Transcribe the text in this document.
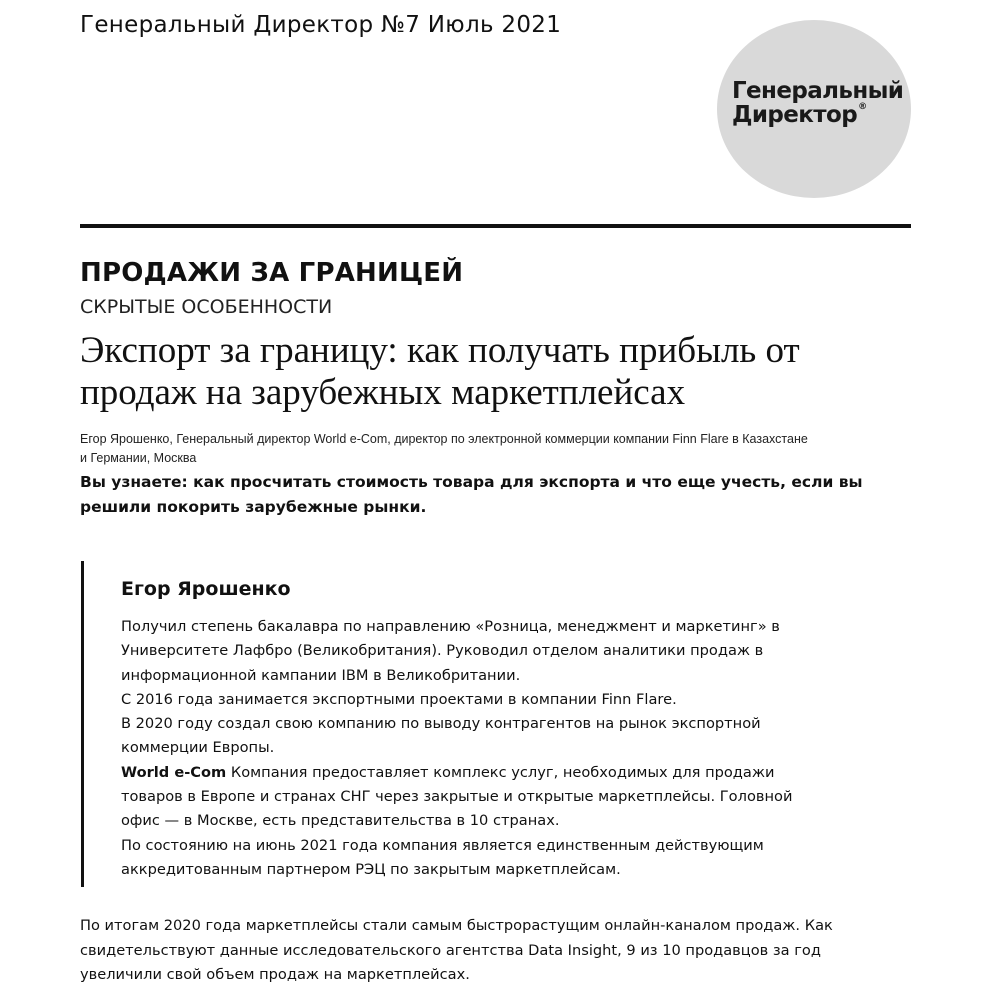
Генеральный Директор №7 Июль 2021
Генеральный
Директор®
ПРОДАЖИ ЗА ГРАНИЦЕЙ
СКРЫТЫЕ ОСОБЕННОСТИ
Экспорт за границу: как получать прибыль от
продаж на зарубежных маркетплейсах
Егор Ярошенко, Генеральный директор World e-Com, директор по электронной коммерции компании Finn Flare в Казахстане
и Германии, Москва
Вы узнаете: как просчитать стоимость товара для экспорта и что еще учесть, если вы
решили покорить зарубежные рынки.
Егор Ярошенко
Получил степень бакалавра по направлению «Розница, менеджмент и маркетинг» в
Университете Лафбро (Великобритания). Руководил отделом аналитики продаж в
информационной кампании IBM в Великобритании.
С 2016 года занимается экспортными проектами в компании Finn Flare.
В 2020 году создал свою компанию по выводу контрагентов на рынок экспортной
коммерции Европы.
World e-Com Компания предоставляет комплекс услуг, необходимых для продажи
товаров в Европе и странах СНГ через закрытые и открытые маркетплейсы. Головной
офис — в Москве, есть представительства в 10 странах.
По состоянию на июнь 2021 года компания является единственным действующим
аккредитованным партнером РЭЦ по закрытым маркетплейсам.
По итогам 2020 года маркетплейсы стали самым быстрорастущим онлайн-каналом продаж. Как
свидетельствуют данные исследовательского агентства Data Insight, 9 из 10 продавцов за год
увеличили свой объем продаж на маркетплейсах.
